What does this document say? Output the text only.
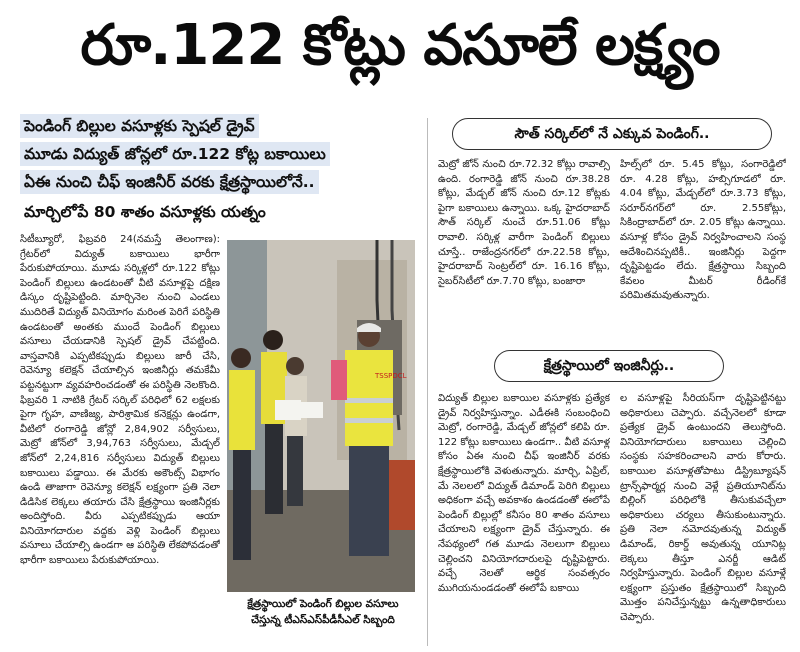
రూ.122 కోట్లు వసూలే లక్ష్యం
పెండింగ్ బిల్లుల వసూళ్లకు స్పెషల్ డ్రైవ్
మూడు విద్యుత్ జోన్లలో రూ.122 కోట్ల బకాయిలు
ఏఈ నుంచి చీఫ్ ఇంజినీర్ వరకు క్షేత్రస్థాయిలోనే..
మార్చిలోపే 80 శాతం వసూళ్లకు యత్నం
సిటీబ్యూరో, ఫిబ్రవరి 24(నమస్తే తెలంగాణ): గ్రేటర్‌లో విద్యుత్ బకాయిలు భారీగా పేరుకుపోయాయి. మూడు సర్కిళ్లలో రూ.122 కోట్లు పెండింగ్ బిల్లులు ఉండటంతో వీటి వసూళ్లపై దక్షిణ డిస్కం దృష్టిపెట్టింది. మార్చినెల నుంచి ఎండలు ముదిరితే విద్యుత్ వినియోగం మరింత పెరిగే పరిస్థితి ఉండటంతో అంతకు ముందే పెండింగ్ బిల్లులు వసూలు చేయడానికి స్పెషల్ డ్రైవ్ చేపట్టింది. వాస్తవానికి ఎప్పటికప్పుడు బిల్లులు జారీ చేసి, రెవెన్యూ కలెక్షన్ చేయాల్సిన ఇంజినీర్లు తమకేమీ పట్టనట్టుగా వ్యవహరించడంతో ఈ పరిస్థితి నెలకొంది. ఫిబ్రవరి 1 నాటికి గ్రేటర్ సర్కిల్ పరిధిలో 62 లక్షలకు పైగా గృహ, వాణిజ్య, పారిశ్రామిక కనెక్షన్లు ఉండగా, వీటిలో రంగారెడ్డి జోన్లో 2,84,902 సర్వీసులు, మెట్రో జోన్‌లో 3,94,763 సర్వీసులు, మేడ్చల్ జోన్‌లో 2,24,816 సర్వీసులు విద్యుత్ బిల్లులు బకాయిలు పడ్డాయి. ఈ మేరకు అకౌంట్స్ విభాగం ఉండి తాజాగా రెవెన్యూ కలెక్షన్ లక్ష్యంగా ప్రతి నెలా డిడిసిక లెక్కలు తయారు చేసి క్షేత్రస్థాయి ఇంజినీర్లకు అందిస్తోంది. వీరు ఎప్పటికప్పుడు ఆయా వినియోగదారుల వద్దకు వెళ్లి పెండింగ్ బిల్లులు వసూలు చేయాల్సి ఉండగా ఆ పరిస్థితి లేకపోవడంతో భారీగా బకాయిలు పేరుకుపోయాయి.
TSSPDCL
క్షేత్రస్థాయిలో పెండింగ్ బిల్లుల వసూలు చేస్తున్న టీఎస్‌ఎస్‌పీడీసీఎల్ సిబ్బంది
సౌత్ సర్కిల్‌లో నే ఎక్కువ పెండింగ్..
మెట్రో జోన్ నుంచి రూ.72.32 కోట్లు రావాల్సి ఉంది. రంగారెడ్డి జోన్ నుంచి రూ.38.28 కోట్లు, మేడ్చల్ జోన్ నుంచి రూ.12 కోట్లకు పైగా బకాయిలు ఉన్నాయి. ఒక్క హైదరాబాద్ సౌత్ సర్కిల్ నుంచే రూ.51.06 కోట్లు రావాలి. సర్కిళ్ల వారీగా పెండింగ్ బిల్లులు చూస్తే.. రాజేంద్రనగర్‌లో రూ.22.58 కోట్లు, హైదరాబాద్ సెంట్రల్‌లో రూ. 16.16 కోట్లు, సైబర్‌సిటీలో రూ.7.70 కోట్లు, బంజారా
హిల్స్‌లో రూ. 5.45 కోట్లు, సంగారెడ్డిలో రూ. 4.28 కోట్లు, హబ్సిగూడలో రూ. 4.04 కోట్లు, మేడ్చల్‌లో రూ.3.73 కోట్లు, సరూర్‌నగర్‌లో రూ. 2.55కోట్లు, సికింద్రాబాద్‌లో రూ. 2.05 కోట్లు ఉన్నాయి. వసూళ్ల కోసం డ్రైవ్ నిర్వహించాలని సంస్థ ఆదేశించినప్పటికీ.. ఇంజినీర్లు పెద్దగా దృష్టిపెట్టడం లేదు. క్షేత్రస్థాయి సిబ్బంది కేవలం మీటర్ రీడింగ్‌కే పరిమితమవుతున్నారు.
క్షేత్రస్థాయిలో ఇంజినీర్లు..
విద్యుత్ బిల్లుల బకాయిల వసూళ్లకు ప్రత్యేక డ్రైవ్ నిర్వహిస్తున్నాం. ఎడీఈకి సంబంధించి మెట్రో, రంగారెడ్డి, మేడ్చల్ జోన్లలో కలిపి రూ. 122 కోట్లు బకాయిలు ఉండగా.. వీటి వసూళ్ల కోసం ఏఈ నుంచి చీఫ్ ఇంజినీర్ వరకు క్షేత్రస్థాయిలోకి వెళుతున్నారు. మార్చి, ఏప్రిల్, మే నెలలలో విద్యుత్ డిమాండ్ పెరిగి బిల్లులు అధికంగా వచ్చే అవకాశం ఉండడంతో ఈలోపే పెండింగ్ బిల్లుల్లో కనీసం 80 శాతం వసూలు చేయాలని లక్ష్యంగా డ్రైవ్ చేస్తున్నారు. ఈ నేపథ్యంలో గత మూడు నెలలుగా బిల్లులు చెల్లించని వినియోగదారులపై దృష్టిపెట్టారు. వచ్చే నెలతో ఆర్థిక సంవత్సరం ముగియనుండడంతో ఈలోపే బకాయి
ల వసూళ్లపై సీరియస్‌గా దృష్టిపెట్టినట్టు అధికారులు చెప్పారు. వచ్చేనెలలో కూడా ప్రత్యేక డ్రైవ్ ఉంటుందని తెలుస్తోంది. వినియోగదారులు బకాయిలు చెల్లించి సంస్థకు సహకరించాలని వారు కోరారు. బకాయిల వసూళ్లతోపాటు డిస్ట్రిబ్యూషన్ ట్రాన్స్‌ఫార్మర్ల నుంచి వెళ్లే ప్రతియూనిట్‌ను బిల్లింగ్ పరిధిలోకి తీసుకువచ్చేలా అధికారులు చర్యలు తీసుకుంటున్నారు. ప్రతి నెలా నమోదవుతున్న విద్యుత్ డిమాండ్, రికార్డ్ అవుతున్న యూనిట్ల లెక్కలు తీస్తూ ఎనర్జీ ఆడిట్ నిర్వహిస్తున్నారు. పెండింగ్ బిల్లుల వసూళ్లే లక్ష్యంగా ప్రస్తుతం క్షేత్రస్థాయిలో సిబ్బంది మొత్తం పనిచేస్తున్నట్టు ఉన్నతాధికారులు చెప్పారు.
